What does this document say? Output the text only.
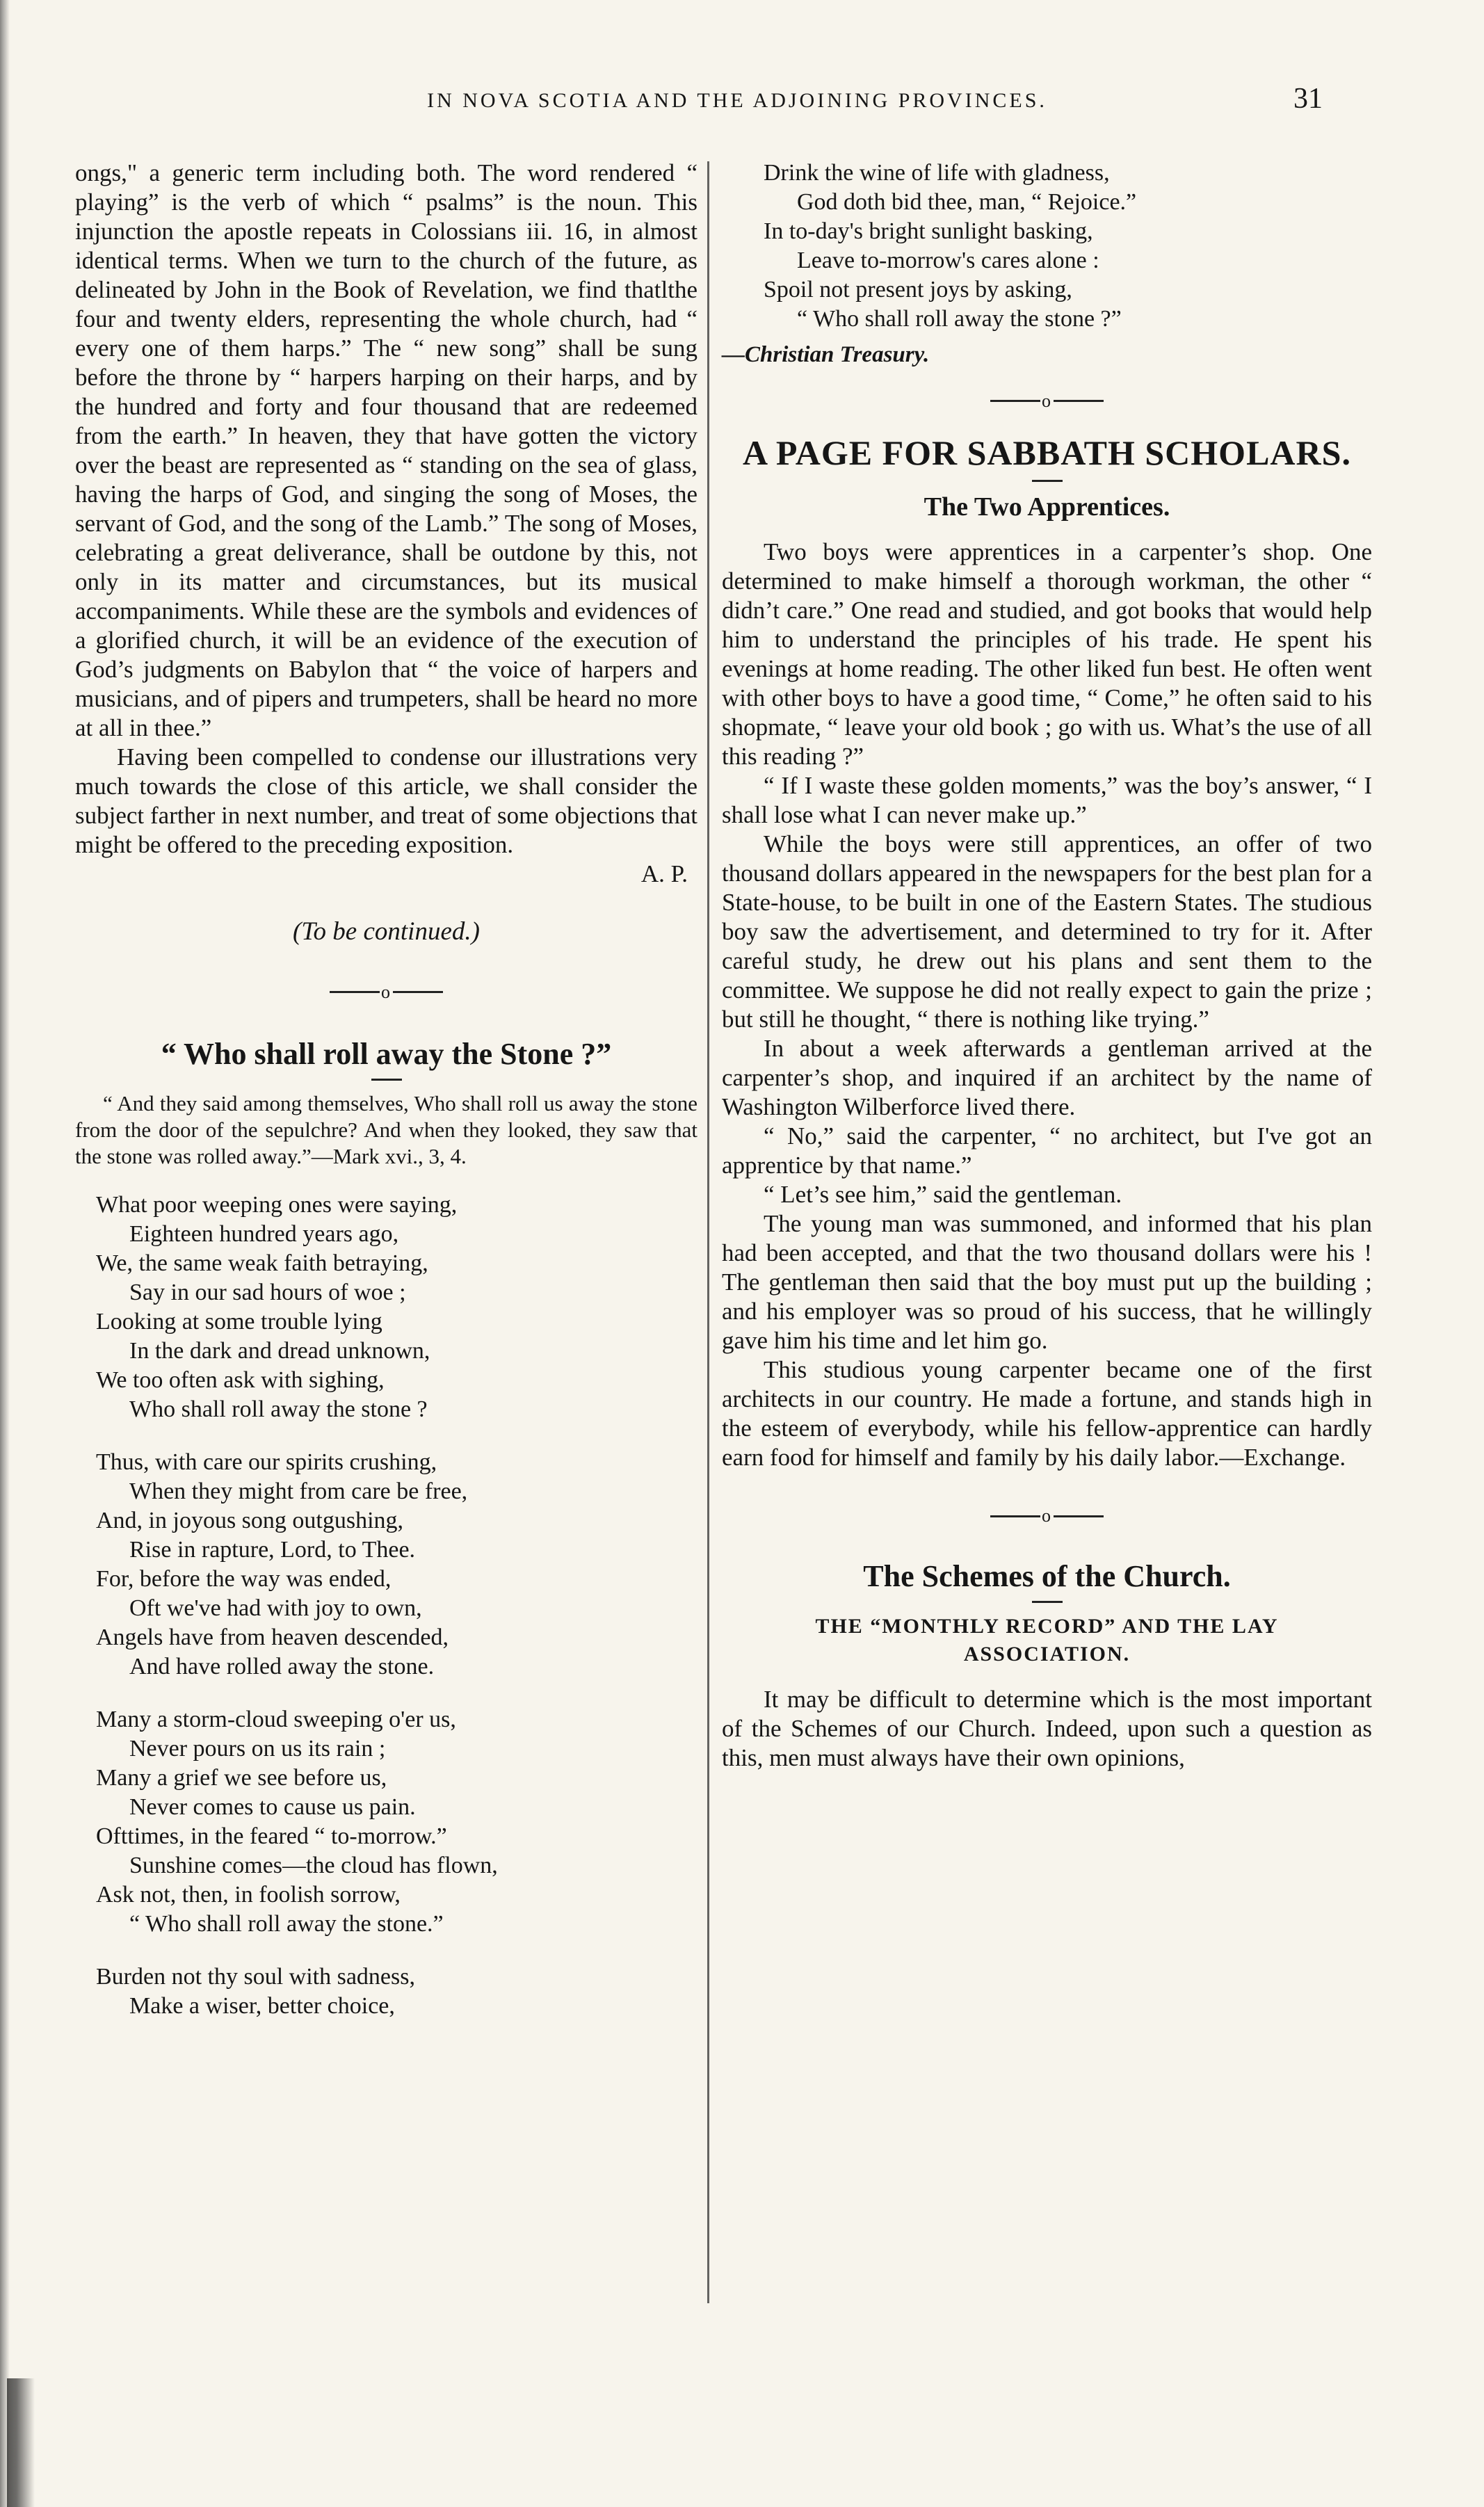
IN NOVA SCOTIA AND THE ADJOINING PROVINCES.	31

ongs," a generic term including both. The word rendered “ playing” is the verb of which “ psalms” is the noun. This injunction the apostle repeats in Colossians iii. 16, in almost identical terms. When we turn to the church of the future, as delineated by John in the Book of Revelation, we find thatlthe four and twenty elders, representing the whole church, had “ every one of them harps.” The “ new song” shall be sung before the throne by “ harpers harping on their harps, and by the hundred and forty and four thousand that are redeemed from the earth.” In heaven, they that have gotten the victory over the beast are represented as “ standing on the sea of glass, having the harps of God, and singing the song of Moses, the servant of God, and the song of the Lamb.” The song of Moses, celebrating a great deliverance, shall be outdone by this, not only in its matter and circumstances, but its musical accompaniments. While these are the symbols and evidences of a glorified church, it will be an evidence of the execution of God’s judgments on Babylon that “ the voice of harpers and musicians, and of pipers and trumpeters, shall be heard no more at all in thee.”

Having been compelled to condense our illustrations very much towards the close of this article, we shall consider the subject farther in next number, and treat of some objections that might be offered to the preceding exposition.

A. P.

(To be continued.)

o
“ Who shall roll away the Stone ?”

“ And they said among themselves, Who shall roll us away the stone from the door of the sepulchre? And when they looked, they saw that the stone was rolled away.”—Mark xvi., 3, 4.

What poor weeping ones were saying,
Eighteen hundred years ago,
We, the same weak faith betraying,
Say in our sad hours of woe ;
Looking at some trouble lying
In the dark and dread unknown,
We too often ask with sighing,
Who shall roll away the stone ?
Thus, with care our spirits crushing,
When they might from care be free,
And, in joyous song outgushing,
Rise in rapture, Lord, to Thee.
For, before the way was ended,
Oft we've had with joy to own,
Angels have from heaven descended,
And have rolled away the stone.
Many a storm-cloud sweeping o'er us,
Never pours on us its rain ;
Many a grief we see before us,
Never comes to cause us pain.
Ofttimes, in the feared “ to-morrow.”
Sunshine comes—the cloud has flown,
Ask not, then, in foolish sorrow,
“ Who shall roll away the stone.”
Burden not thy soul with sadness,
Make a wiser, better choice,
Drink the wine of life with gladness,
God doth bid thee, man, “ Rejoice.”
In to-day's bright sunlight basking,
Leave to-morrow's cares alone :
Spoil not present joys by asking,
“ Who shall roll away the stone ?”

—Christian Treasury.

o
A PAGE FOR SABBATH SCHOLARS.
The Two Apprentices.

Two boys were apprentices in a carpenter’s shop. One determined to make himself a thorough workman, the other “ didn’t care.” One read and studied, and got books that would help him to understand the principles of his trade. He spent his evenings at home reading. The other liked fun best. He often went with other boys to have a good time, “ Come,” he often said to his shopmate, “ leave your old book ; go with us. What’s the use of all this reading ?”

“ If I waste these golden moments,” was the boy’s answer, “ I shall lose what I can never make up.”

While the boys were still apprentices, an offer of two thousand dollars appeared in the newspapers for the best plan for a State-house, to be built in one of the Eastern States. The studious boy saw the advertisement, and determined to try for it. After careful study, he drew out his plans and sent them to the committee. We suppose he did not really expect to gain the prize ; but still he thought, “ there is nothing like trying.”

In about a week afterwards a gentleman arrived at the carpenter’s shop, and inquired if an architect by the name of Washington Wilberforce lived there.

“ No,” said the carpenter, “ no architect, but I've got an apprentice by that name.”

“ Let’s see him,” said the gentleman.

The young man was summoned, and informed that his plan had been accepted, and that the two thousand dollars were his ! The gentleman then said that the boy must put up the building ; and his employer was so proud of his success, that he willingly gave him his time and let him go.

This studious young carpenter became one of the first architects in our country. He made a fortune, and stands high in the esteem of everybody, while his fellow-apprentice can hardly earn food for himself and family by his daily labor.—Exchange.

o
The Schemes of the Church.

THE “MONTHLY RECORD” AND THE LAY

ASSOCIATION.

It may be difficult to determine which is the most important of the Schemes of our Church. Indeed, upon such a question as this, men must always have their own opinions,
